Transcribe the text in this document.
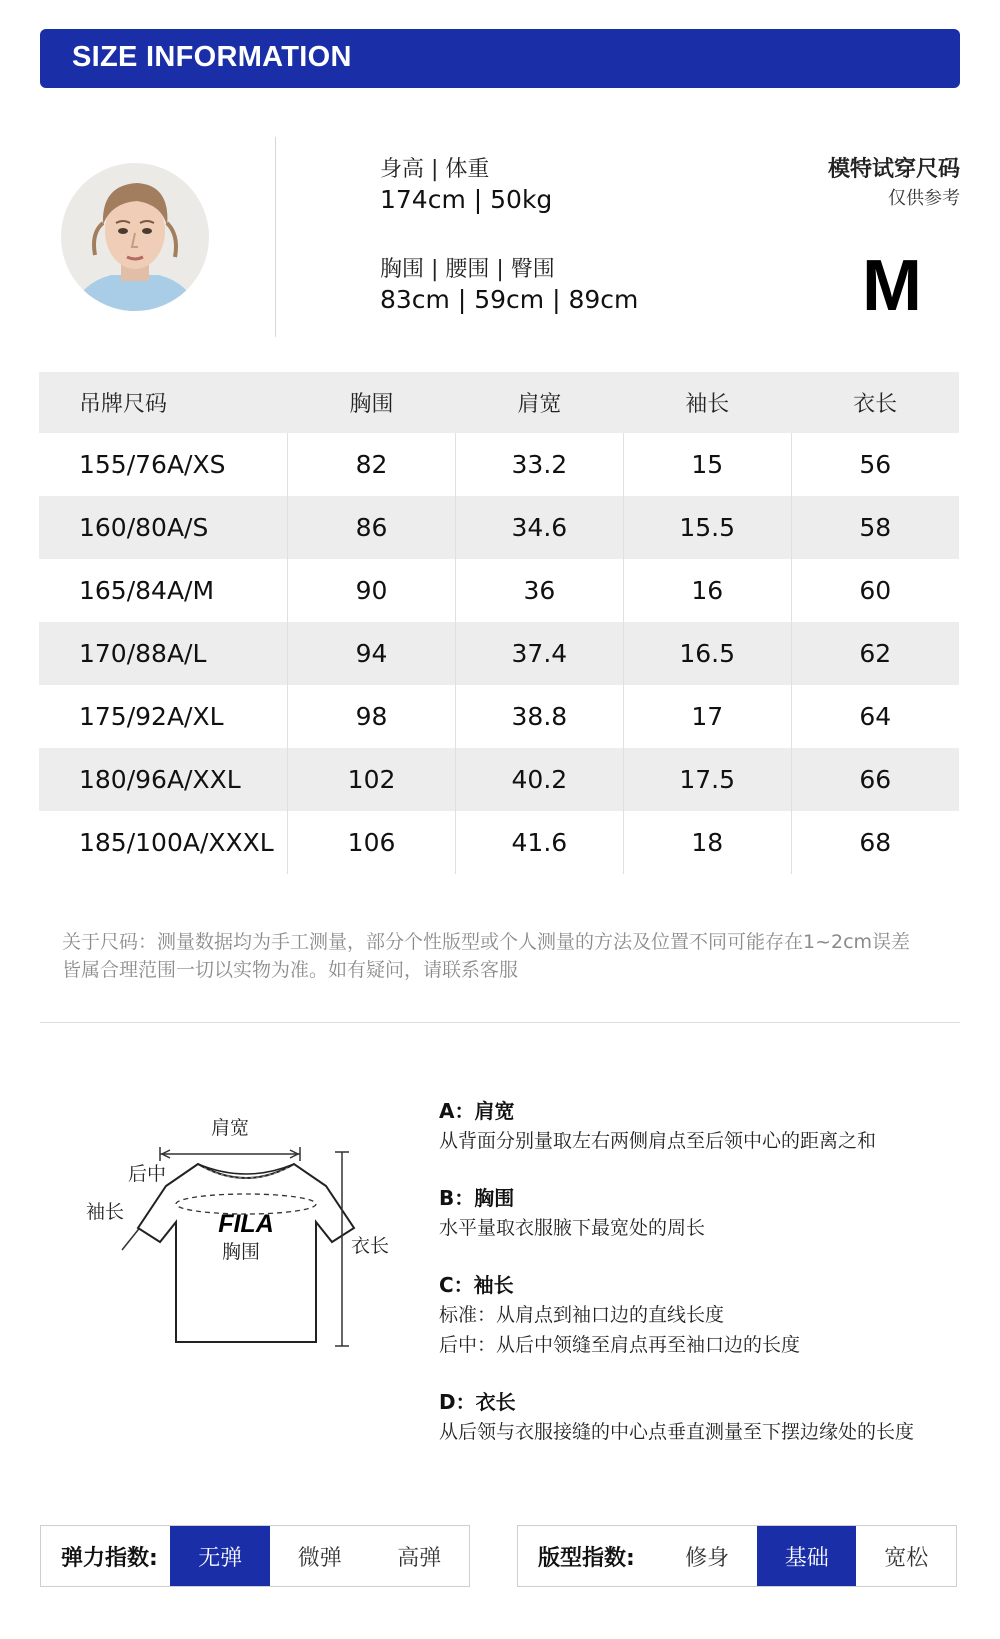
SIZE INFORMATION
身高 | 体重
174cm | 50kg
胸围 | 腰围 | 臀围
83cm | 59cm | 89cm
模特试穿尺码
仅供参考
M
吊牌尺码	胸围	肩宽	袖长	衣长
155/76A/XS	82	33.2	15	56
160/80A/S	86	34.6	15.5	58
165/84A/M	90	36	16	60
170/88A/L	94	37.4	16.5	62
175/92A/XL	98	38.8	17	64
180/96A/XXL	102	40.2	17.5	66
185/100A/XXXL	106	41.6	18	68
关于尺码：测量数据均为手工测量，部分个性版型或个人测量的方法及位置不同可能存在1~2cm误差
皆属合理范围一切以实物为准。如有疑问，请联系客服
肩宽
后中
袖长	FILA
胸围	衣长
A：肩宽
从背面分别量取左右两侧肩点至后领中心的距离之和
B：胸围
水平量取衣服腋下最宽处的周长
C：袖长
标准：从肩点到袖口边的直线长度
后中：从后中领缝至肩点再至袖口边的长度
D：衣长
从后领与衣服接缝的中心点垂直测量至下摆边缘处的长度
弹力指数:	无弹	微弹	高弹	版型指数:	修身	基础	宽松
